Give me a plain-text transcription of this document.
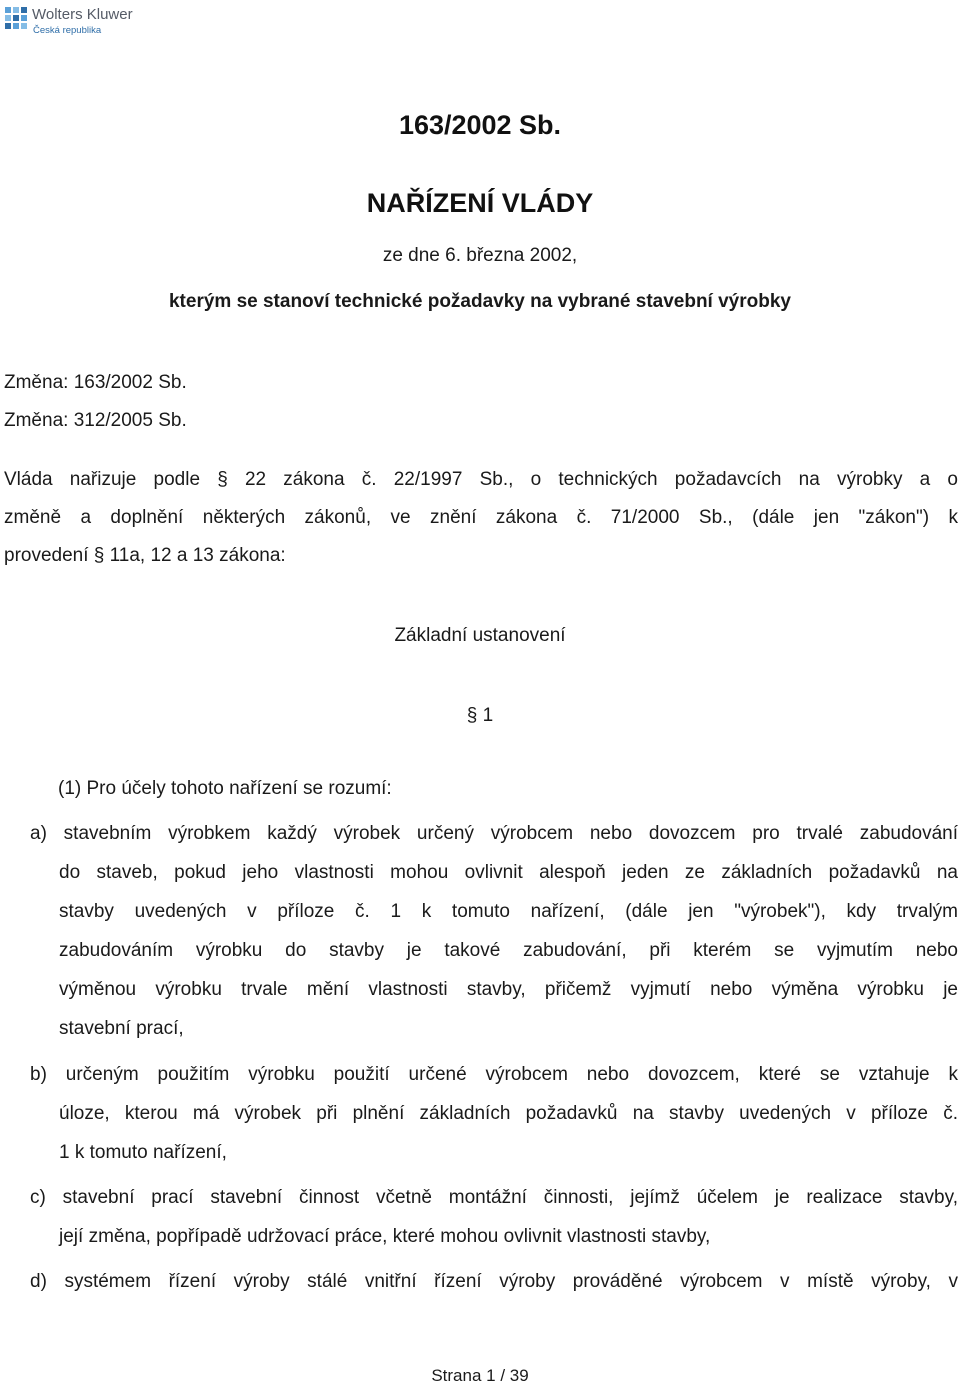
Wolters Kluwer
Česká republika
163/2002 Sb.
NAŘÍZENÍ VLÁDY
ze dne 6. března 2002,
kterým se stanoví technické požadavky na vybrané stavební výrobky
Změna: 163/2002 Sb.
Změna: 312/2005 Sb.
Vláda nařizuje podle § 22 zákona č. 22/1997 Sb., o technických požadavcích na výrobky a o
změně a doplnění některých zákonů, ve znění zákona č. 71/2000 Sb., (dále jen "zákon") k
provedení § 11a, 12 a 13 zákona:
Základní ustanovení
§ 1
(1) Pro účely tohoto nařízení se rozumí:
a) stavebním výrobkem každý výrobek určený výrobcem nebo dovozcem pro trvalé zabudování
do staveb, pokud jeho vlastnosti mohou ovlivnit alespoň jeden ze základních požadavků na
stavby uvedených v příloze č. 1 k tomuto nařízení, (dále jen "výrobek"), kdy trvalým
zabudováním výrobku do stavby je takové zabudování, při kterém se vyjmutím nebo
výměnou výrobku trvale mění vlastnosti stavby, přičemž vyjmutí nebo výměna výrobku je
stavební prací,
b) určeným použitím výrobku použití určené výrobcem nebo dovozcem, které se vztahuje k
úloze, kterou má výrobek při plnění základních požadavků na stavby uvedených v příloze č.
1 k tomuto nařízení,
c) stavební prací stavební činnost včetně montážní činnosti, jejímž účelem je realizace stavby,
její změna, popřípadě udržovací práce, které mohou ovlivnit vlastnosti stavby,
d) systémem řízení výroby stálé vnitřní řízení výroby prováděné výrobcem v místě výroby, v
Strana 1 / 39
